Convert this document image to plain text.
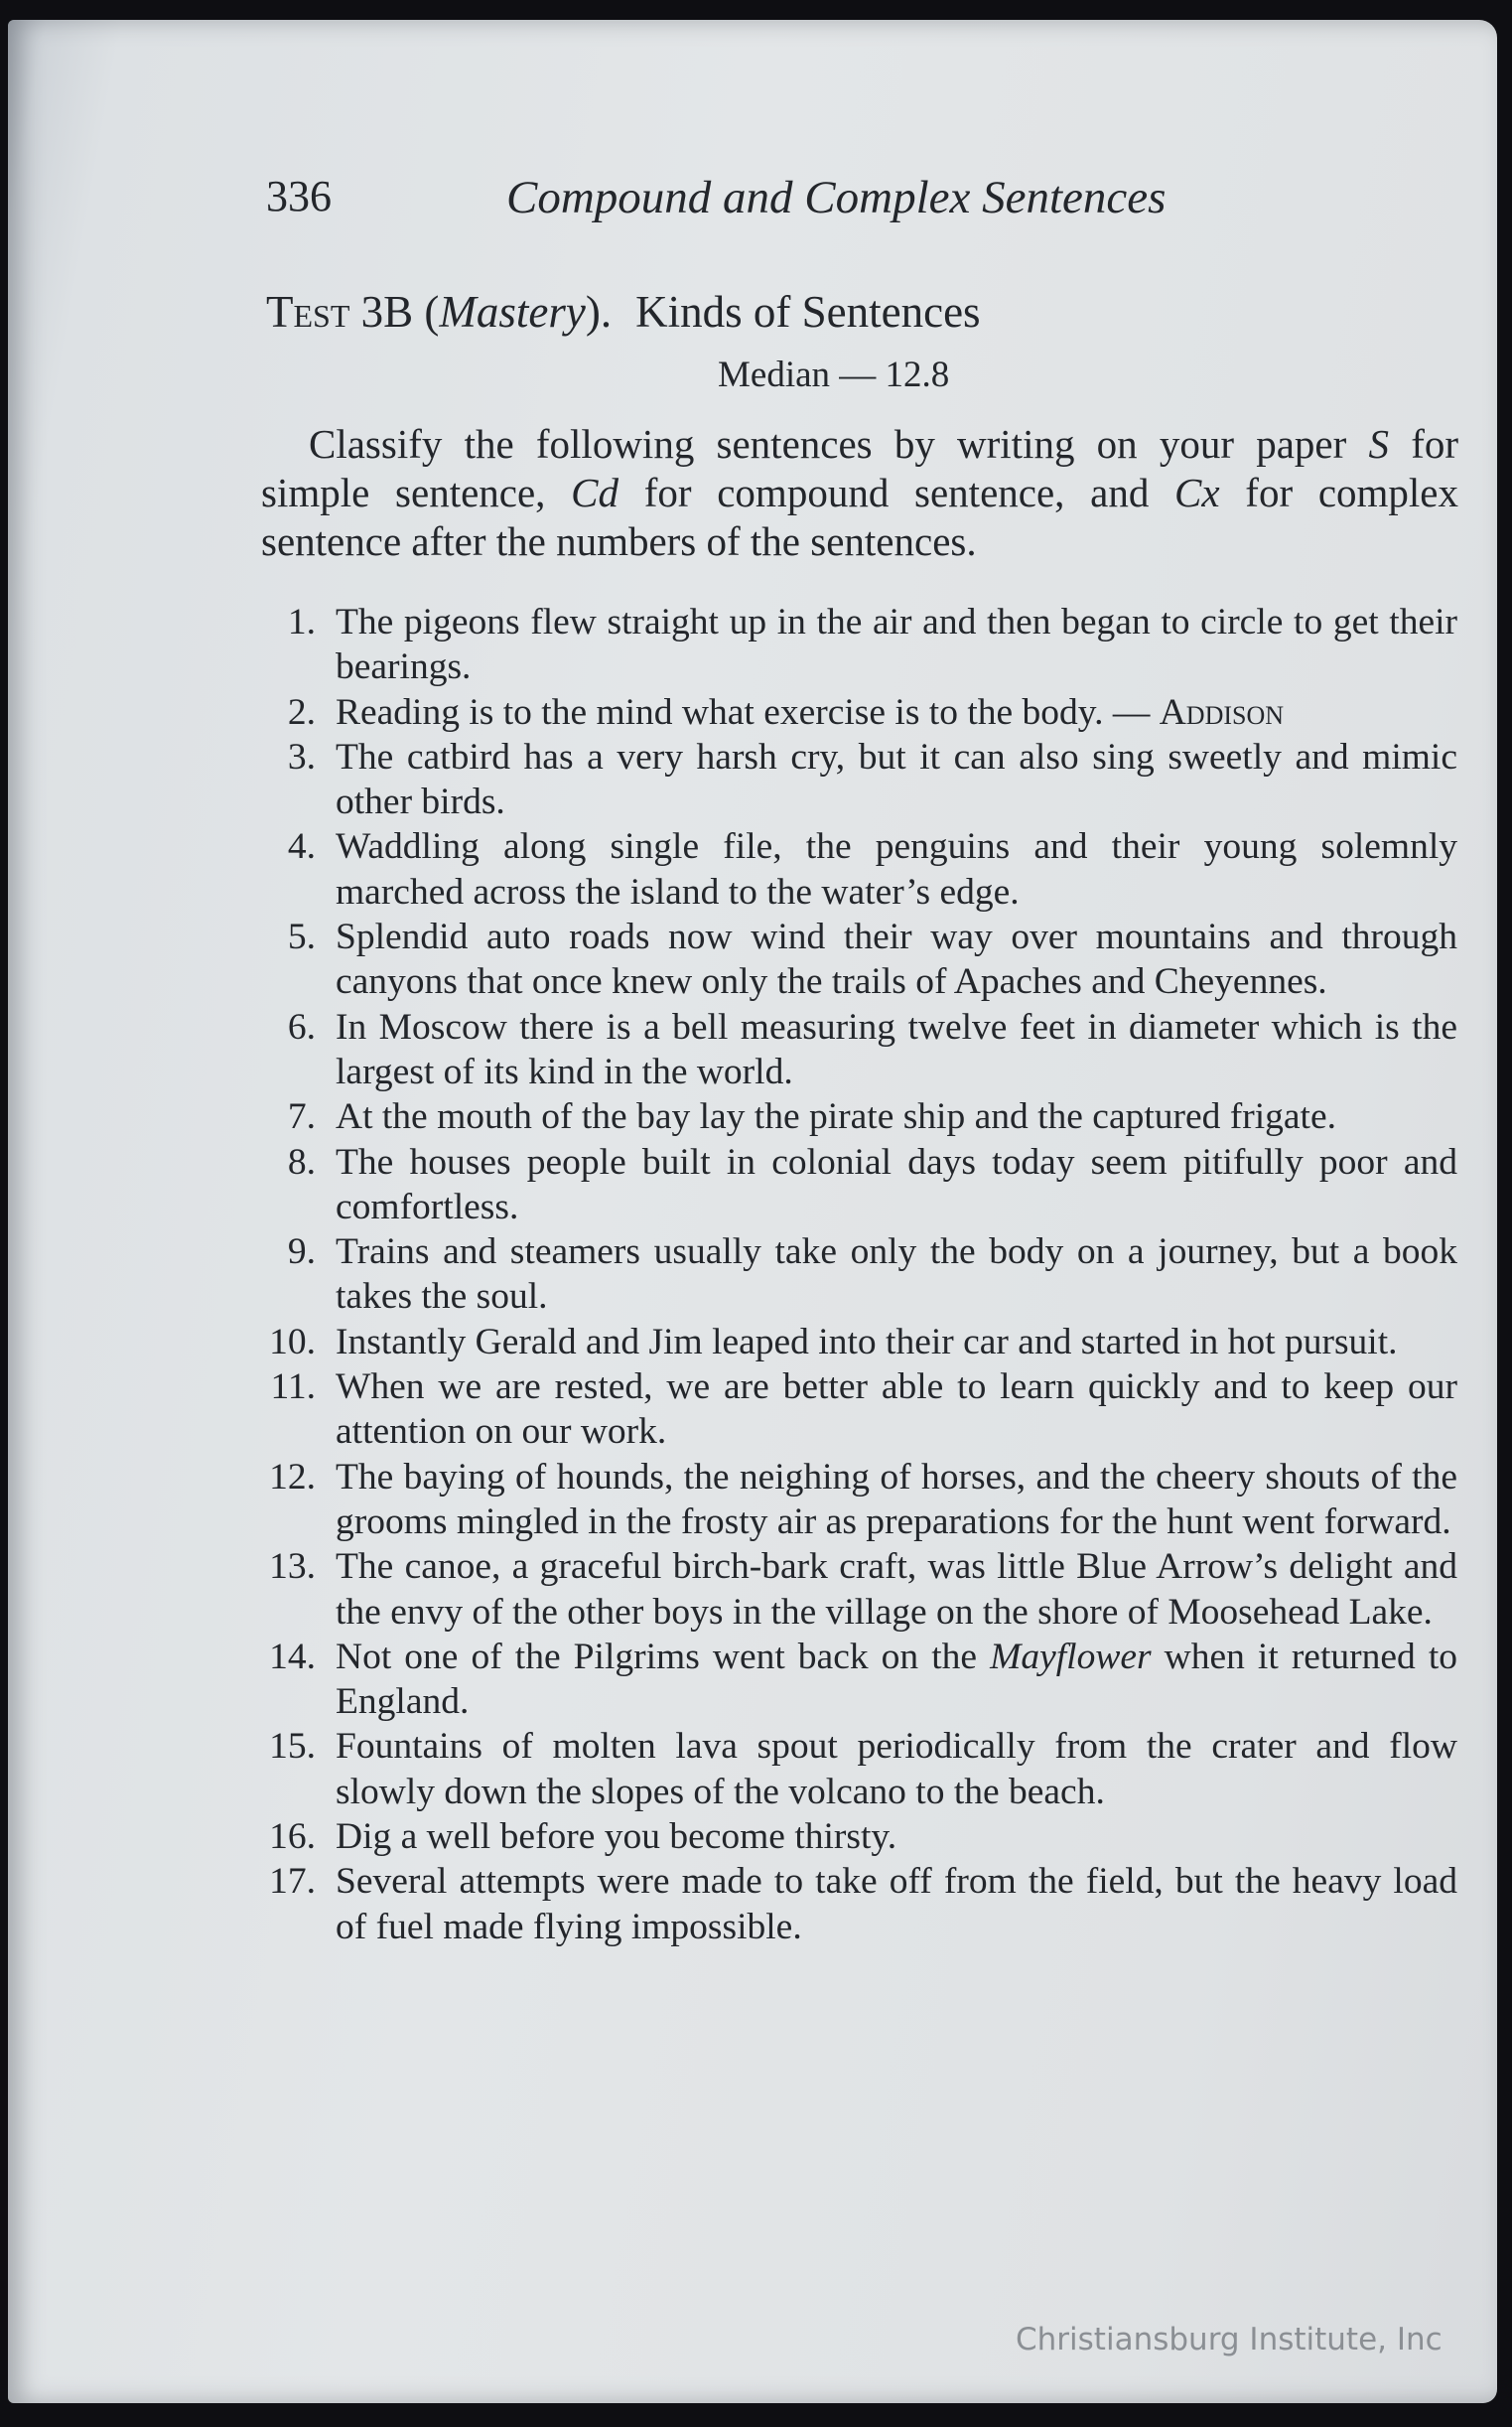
336	Compound and Complex Sentences
Test 3B (Mastery). Kinds of Sentences
Median — 12.8

Classify the following sentences by writing on your paper S for simple sentence, Cd for compound sentence, and Cx for complex sentence after the numbers of the sentences.

1. The pigeons flew straight up in the air and then began to circle to get their bearings.
2. Reading is to the mind what exercise is to the body. — Addison
3. The catbird has a very harsh cry, but it can also sing sweetly and mimic other birds.
4. Waddling along single file, the penguins and their young solemnly marched across the island to the water’s edge.
5. Splendid auto roads now wind their way over mountains and through canyons that once knew only the trails of Apaches and Cheyennes.
6. In Moscow there is a bell measuring twelve feet in diameter which is the largest of its kind in the world.
7. At the mouth of the bay lay the pirate ship and the captured frigate.
8. The houses people built in colonial days today seem pitifully poor and comfortless.
9. Trains and steamers usually take only the body on a journey, but a book takes the soul.
10. Instantly Gerald and Jim leaped into their car and started in hot pursuit.
11. When we are rested, we are better able to learn quickly and to keep our attention on our work.
12. The baying of hounds, the neighing of horses, and the cheery shouts of the grooms mingled in the frosty air as preparations for the hunt went forward.
13. The canoe, a graceful birch-bark craft, was little Blue Arrow’s delight and the envy of the other boys in the village on the shore of Moosehead Lake.
14. Not one of the Pilgrims went back on the Mayflower when it returned to England.
15. Fountains of molten lava spout periodically from the crater and flow slowly down the slopes of the volcano to the beach.
16. Dig a well before you become thirsty.
17. Several attempts were made to take off from the field, but the heavy load of fuel made flying impossible.
Christiansburg Institute, Inc
